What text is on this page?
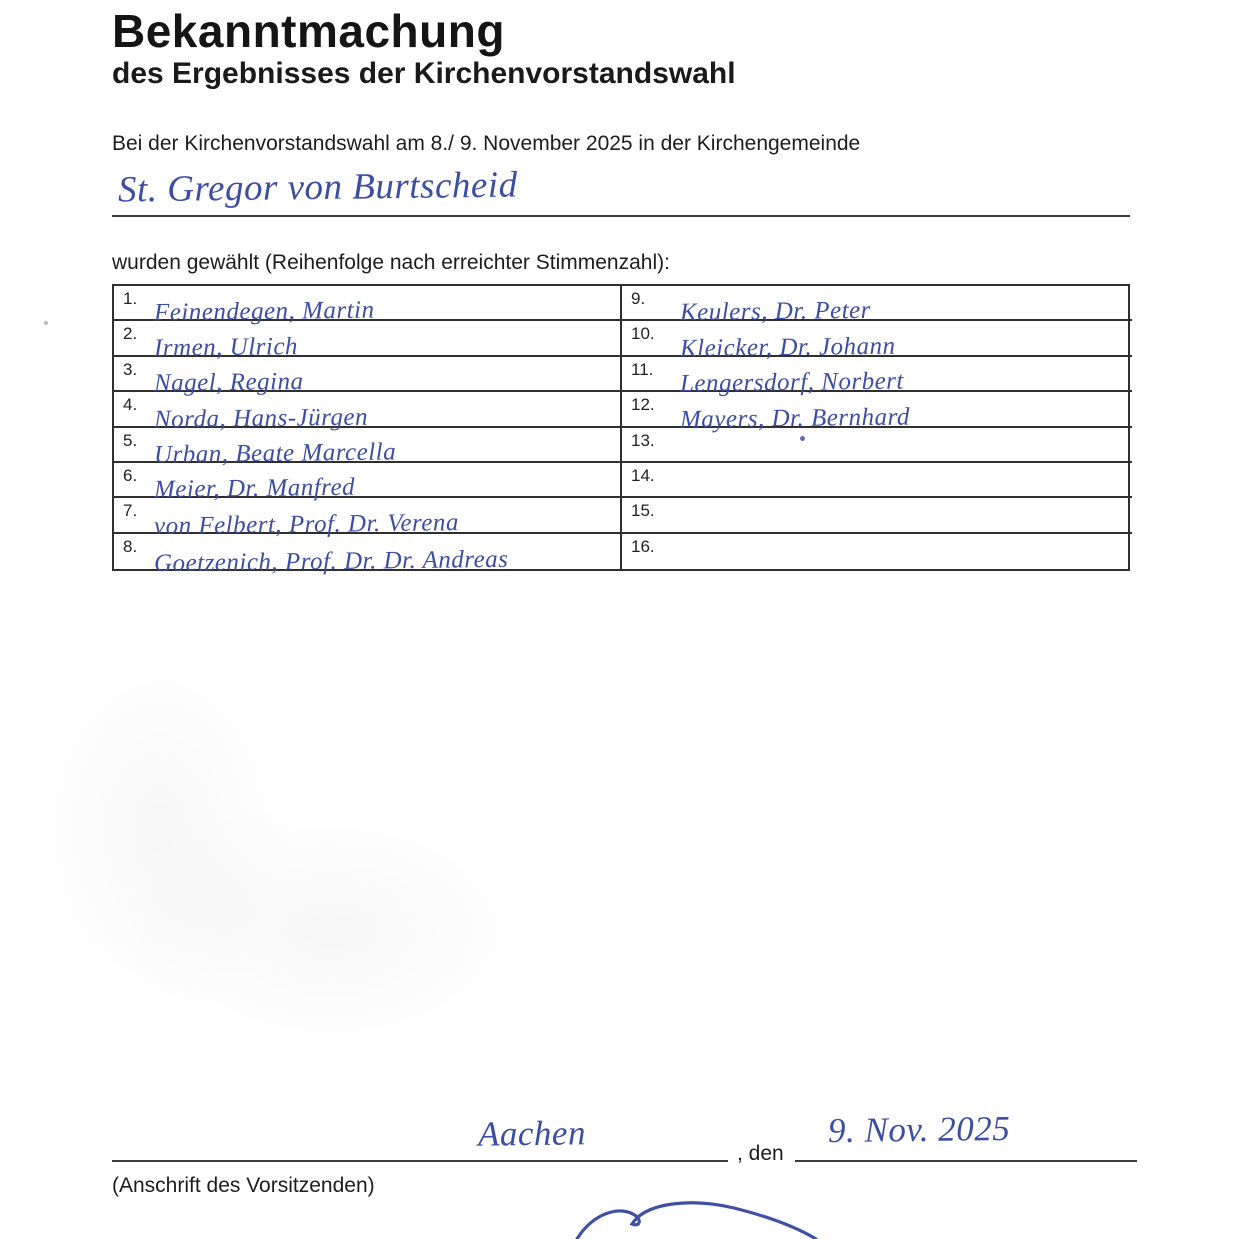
Bekanntmachung
des Ergebnisses der Kirchenvorstandswahl
Bei der Kirchenvorstandswahl am 8./ 9. November 2025 in der Kirchengemeinde
St. Gregor von Burtscheid
wurden gewählt (Reihenfolge nach erreichter Stimmenzahl):
1. Feinendegen, Martin
2. Irmen, Ulrich
3. Nagel, Regina
4. Norda, Hans-Jürgen
5. Urban, Beate Marcella
6. Meier, Dr. Manfred
7. von Felbert, Prof. Dr. Verena
8. Goetzenich, Prof. Dr. Dr. Andreas
9. Keulers, Dr. Peter
10. Kleicker, Dr. Johann
11. Lengersdorf, Norbert
12. Mayers, Dr. Bernhard
13.
14.
15.
16.
Aachen	, den
9. Nov. 2025
(Anschrift des Vorsitzenden)
